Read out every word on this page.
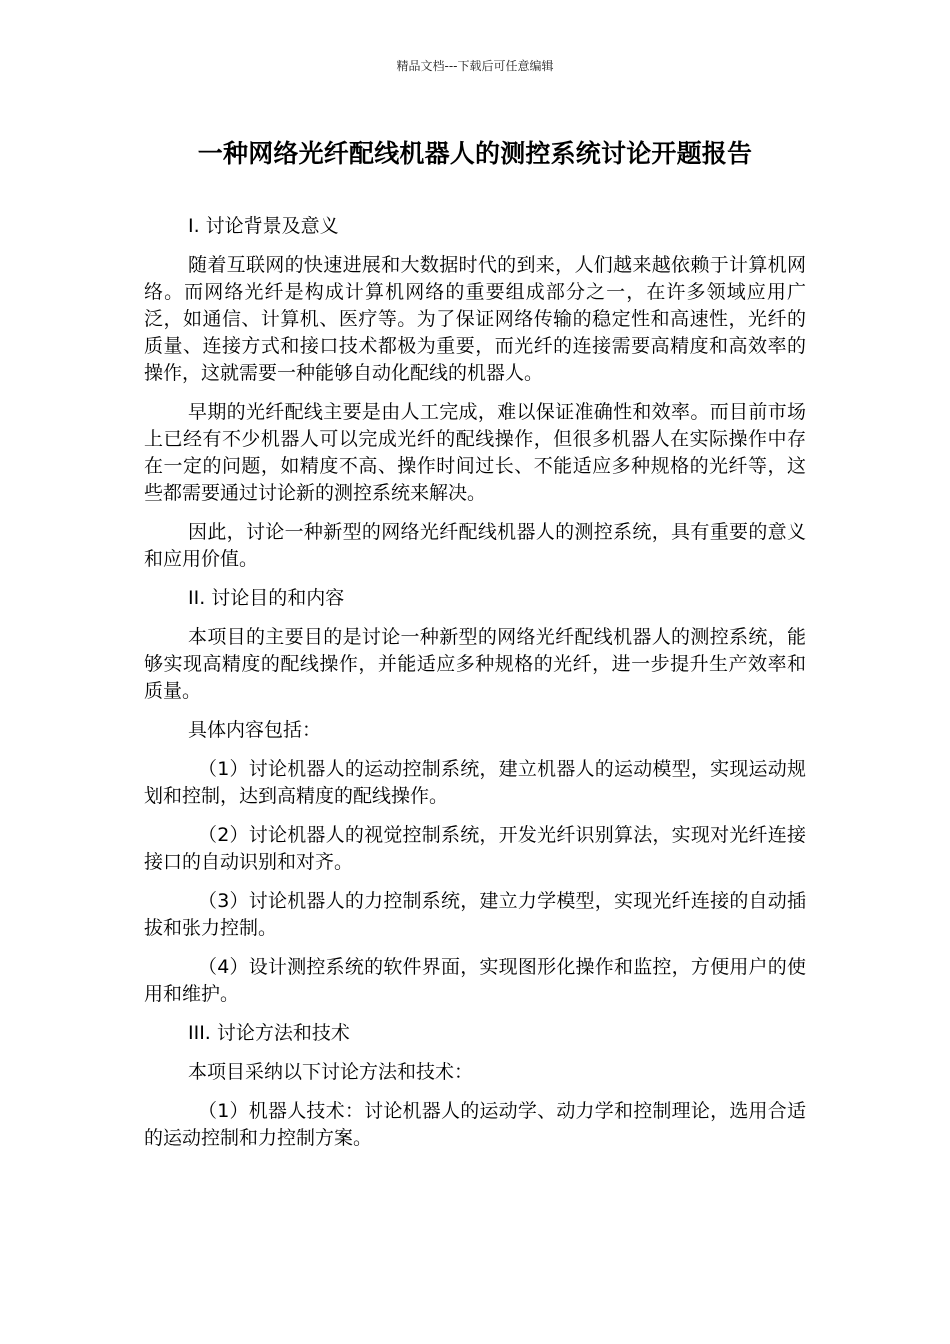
精品文档---下载后可任意编辑
一种网络光纤配线机器人的测控系统讨论开题报告

I. 讨论背景及意义

随着互联网的快速进展和大数据时代的到来，人们越来越依赖于计算机网络。而网络光纤是构成计算机网络的重要组成部分之一，在许多领域应用广泛，如通信、计算机、医疗等。为了保证网络传输的稳定性和高速性，光纤的质量、连接方式和接口技术都极为重要，而光纤的连接需要高精度和高效率的操作，这就需要一种能够自动化配线的机器人。

早期的光纤配线主要是由人工完成，难以保证准确性和效率。而目前市场上已经有不少机器人可以完成光纤的配线操作，但很多机器人在实际操作中存在一定的问题，如精度不高、操作时间过长、不能适应多种规格的光纤等，这些都需要通过讨论新的测控系统来解决。

因此，讨论一种新型的网络光纤配线机器人的测控系统，具有重要的意义和应用价值。

II. 讨论目的和内容

本项目的主要目的是讨论一种新型的网络光纤配线机器人的测控系统，能够实现高精度的配线操作，并能适应多种规格的光纤，进一步提升生产效率和质量。

具体内容包括：

（1）讨论机器人的运动控制系统，建立机器人的运动模型，实现运动规划和控制，达到高精度的配线操作。

（2）讨论机器人的视觉控制系统，开发光纤识别算法，实现对光纤连接接口的自动识别和对齐。

（3）讨论机器人的力控制系统，建立力学模型，实现光纤连接的自动插拔和张力控制。

（4）设计测控系统的软件界面，实现图形化操作和监控，方便用户的使用和维护。

III. 讨论方法和技术

本项目采纳以下讨论方法和技术：

（1）机器人技术：讨论机器人的运动学、动力学和控制理论，选用合适的运动控制和力控制方案。
